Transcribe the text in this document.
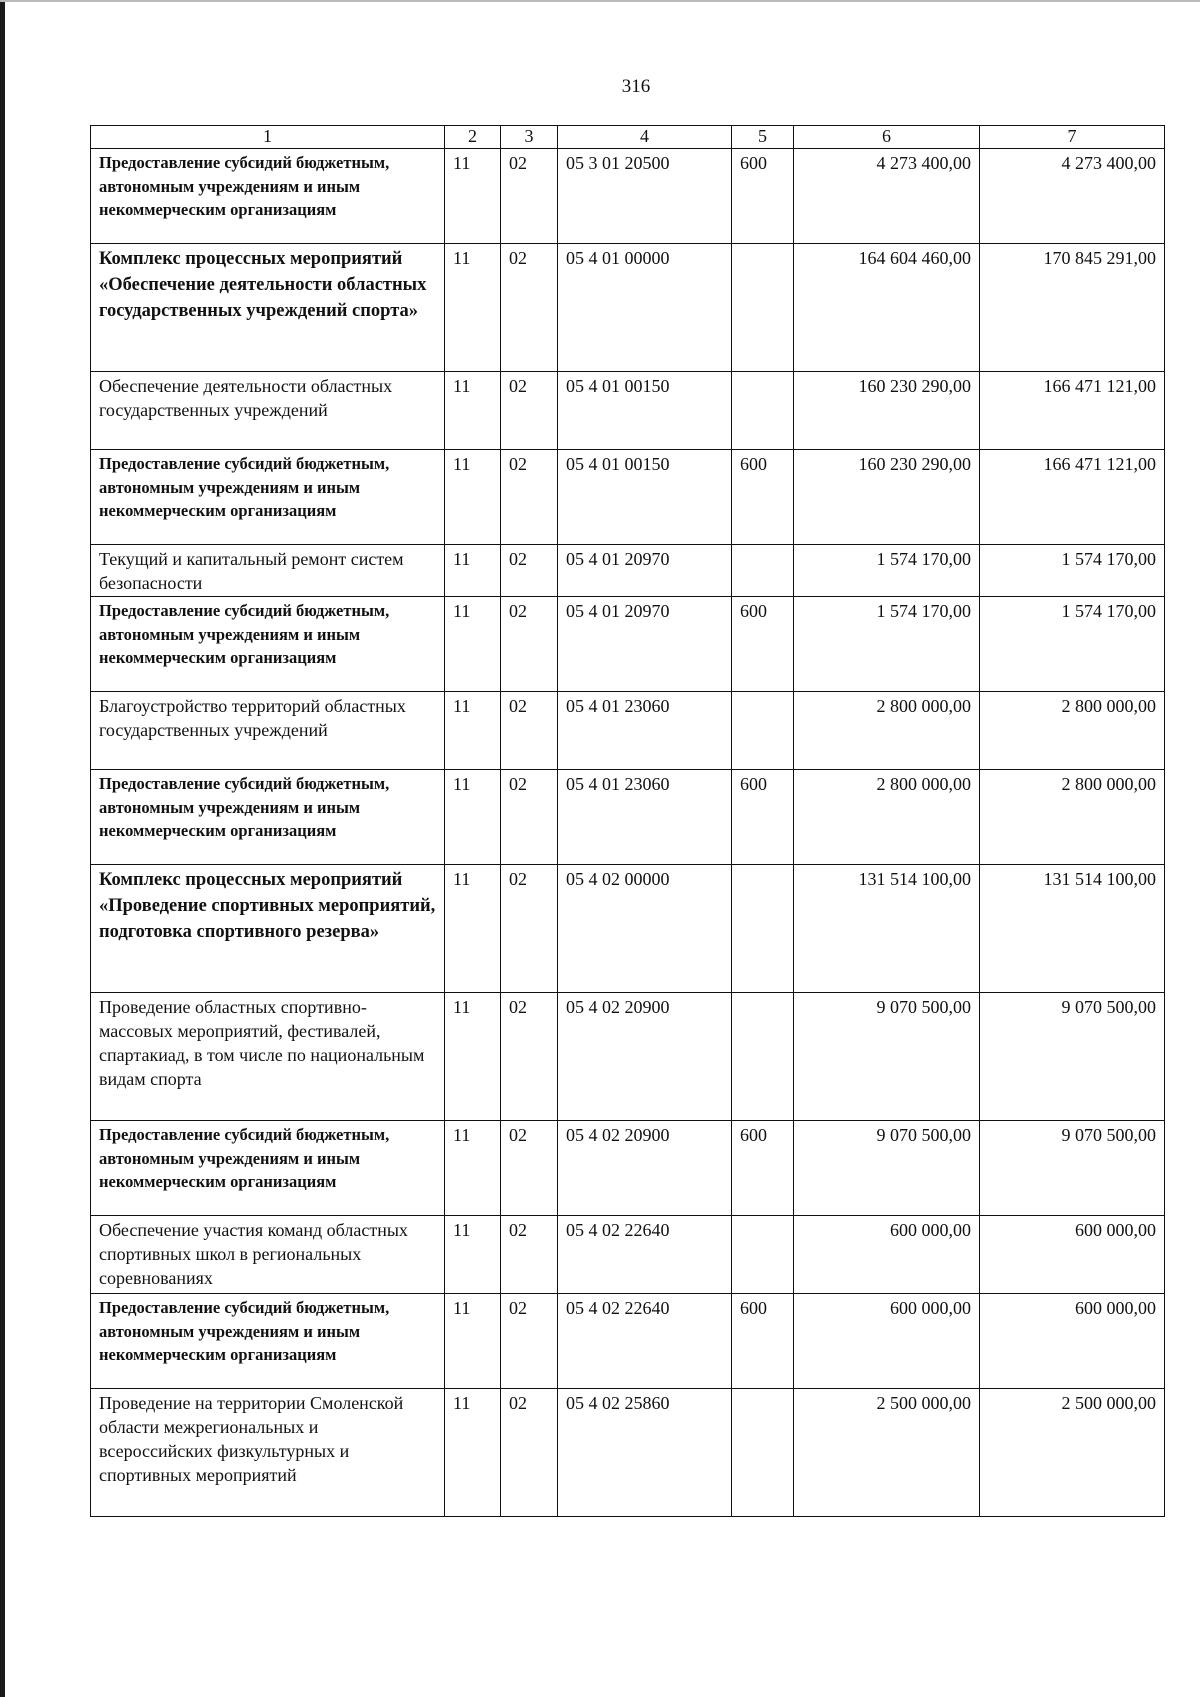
316
1	2	3	4	5	6	7
Предоставление субсидий бюджетным, автономным учреждениям и иным некоммерческим организациям	11	02	05 3 01 20500	600	4 273 400,00	4 273 400,00
Комплекс процессных мероприятий «Обеспечение деятельности областных государственных учреждений спорта»	11	02	05 4 01 00000		164 604 460,00	170 845 291,00
Обеспечение деятельности областных государственных учреждений	11	02	05 4 01 00150		160 230 290,00	166 471 121,00
Предоставление субсидий бюджетным, автономным учреждениям и иным некоммерческим организациям	11	02	05 4 01 00150	600	160 230 290,00	166 471 121,00
Текущий и капитальный ремонт систем безопасности	11	02	05 4 01 20970		1 574 170,00	1 574 170,00
Предоставление субсидий бюджетным, автономным учреждениям и иным некоммерческим организациям	11	02	05 4 01 20970	600	1 574 170,00	1 574 170,00
Благоустройство территорий областных государственных учреждений	11	02	05 4 01 23060		2 800 000,00	2 800 000,00
Предоставление субсидий бюджетным, автономным учреждениям и иным некоммерческим организациям	11	02	05 4 01 23060	600	2 800 000,00	2 800 000,00
Комплекс процессных мероприятий «Проведение спортивных мероприятий, подготовка спортивного резерва»	11	02	05 4 02 00000		131 514 100,00	131 514 100,00
Проведение областных спортивно-массовых мероприятий, фестивалей, спартакиад, в том числе по национальным видам спорта	11	02	05 4 02 20900		9 070 500,00	9 070 500,00
Предоставление субсидий бюджетным, автономным учреждениям и иным некоммерческим организациям	11	02	05 4 02 20900	600	9 070 500,00	9 070 500,00
Обеспечение участия команд областных спортивных школ в региональных соревнованиях	11	02	05 4 02 22640		600 000,00	600 000,00
Предоставление субсидий бюджетным, автономным учреждениям и иным некоммерческим организациям	11	02	05 4 02 22640	600	600 000,00	600 000,00
Проведение на территории Смоленской области межрегиональных и всероссийских физкультурных и спортивных мероприятий	11	02	05 4 02 25860		2 500 000,00	2 500 000,00
